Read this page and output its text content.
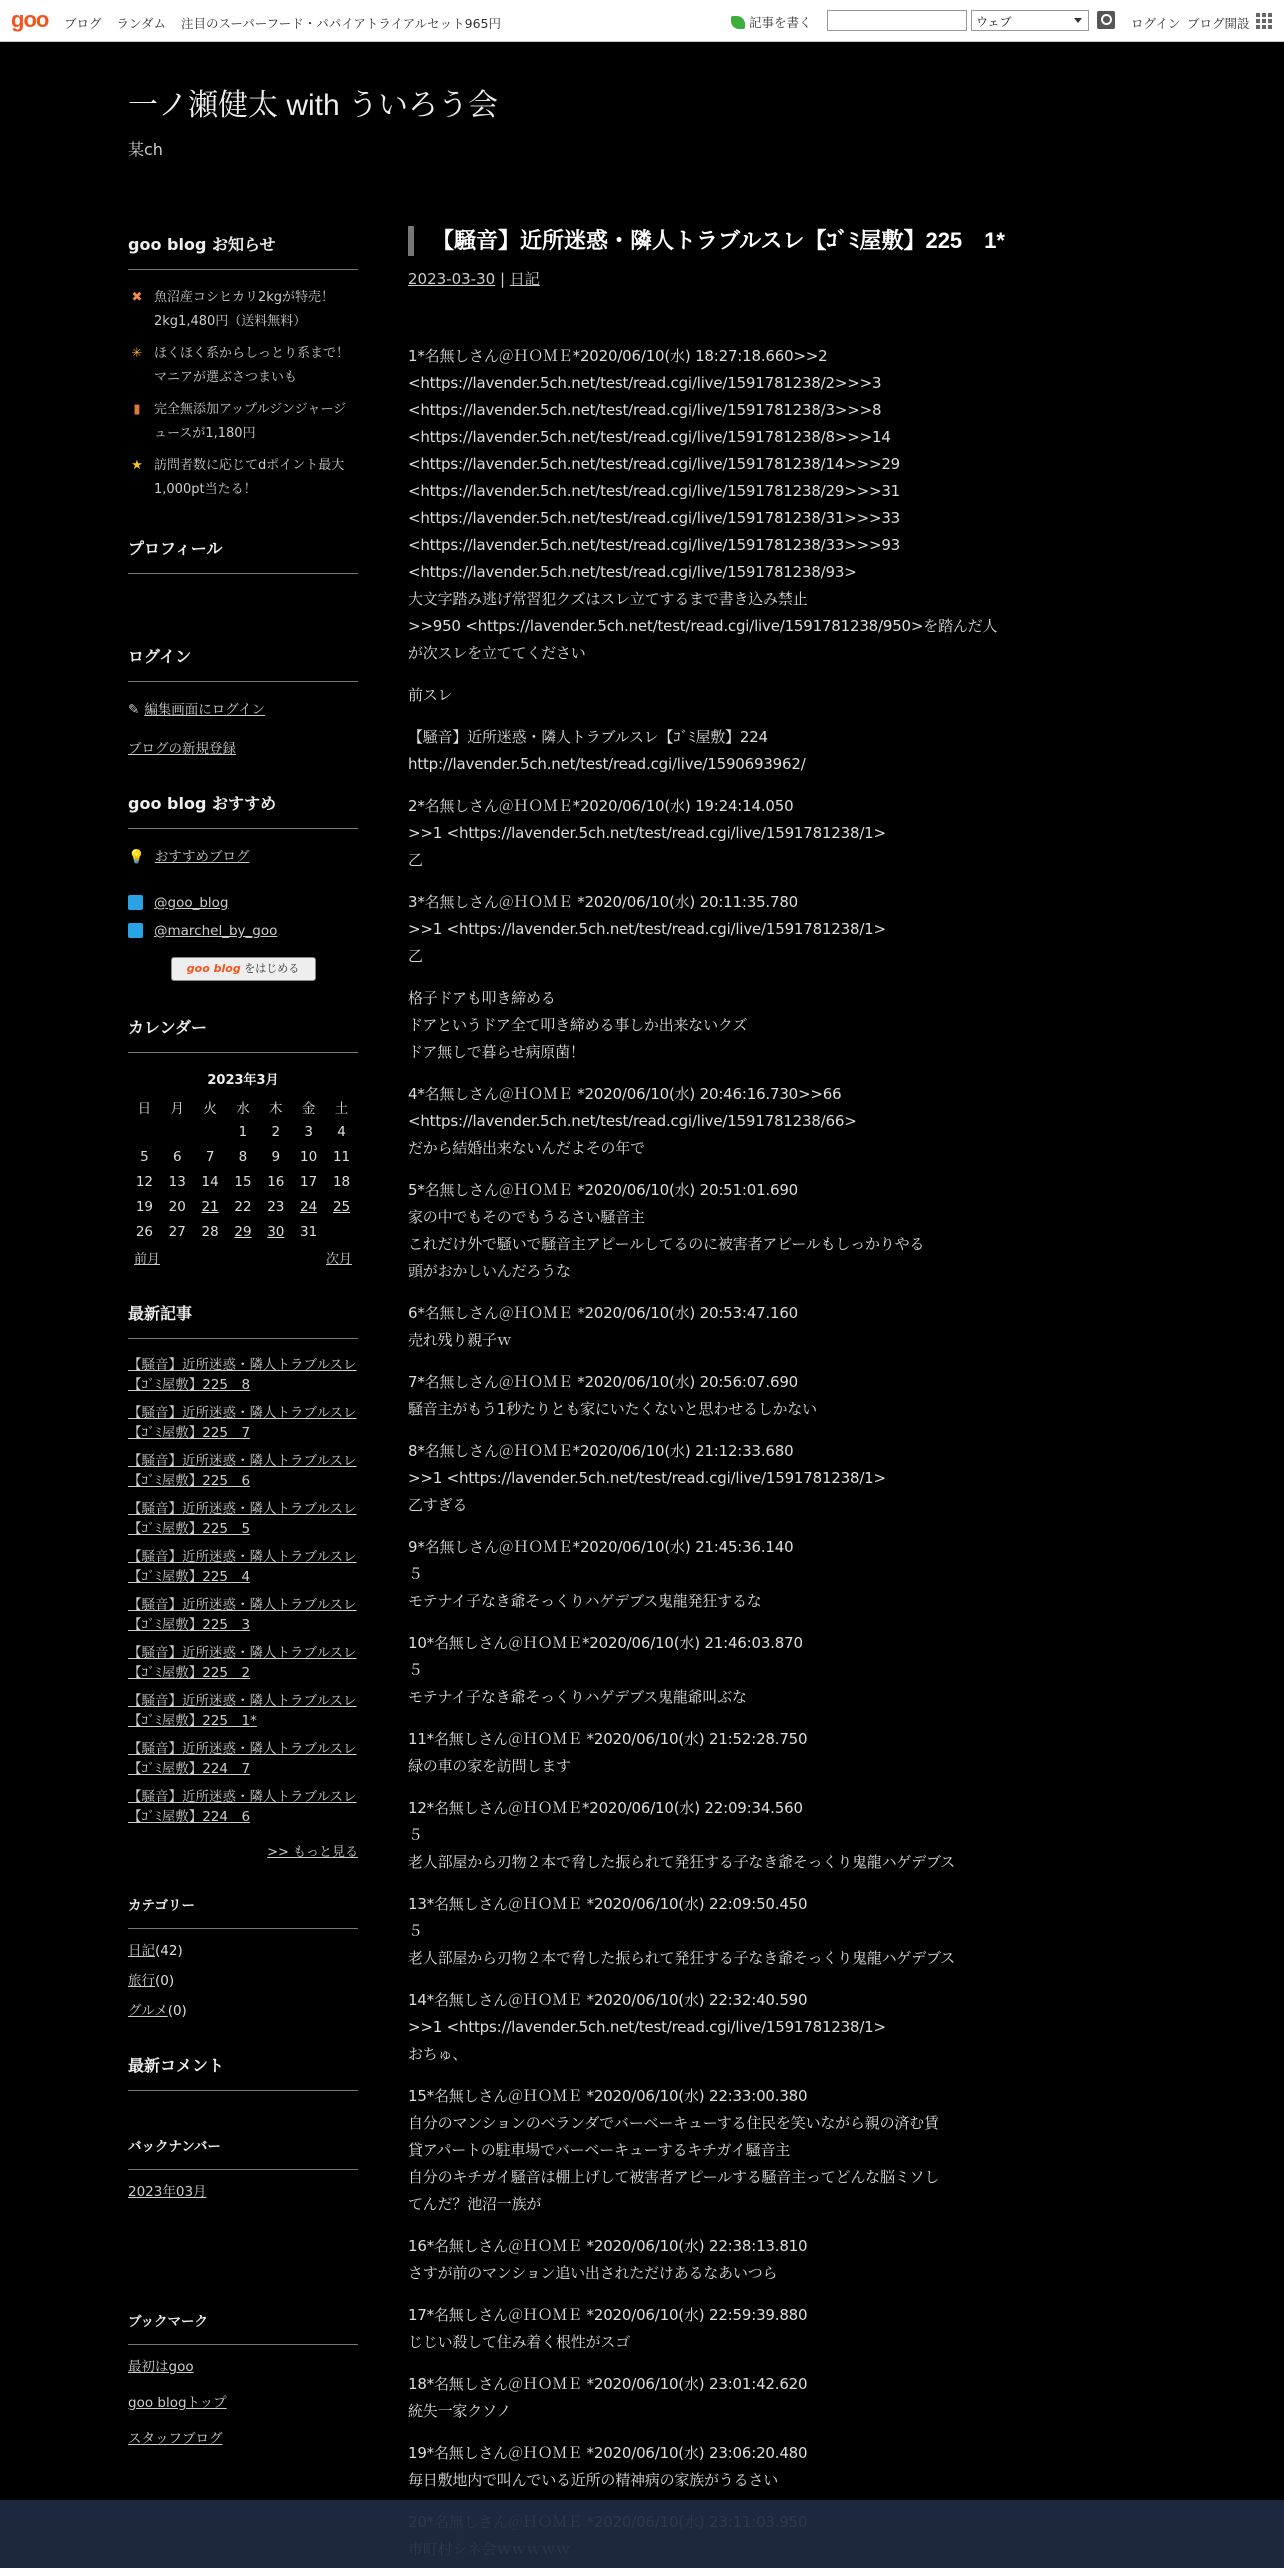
goo ブログ ランダム 注目のスーパーフード・パパイアトライアルセット965円	記事を書く	ウェブ	ログイン ブログ開設
一ノ瀬健太 with ういろう会
某ch
goo blog お知らせ
✖ 魚沼産コシヒカリ2kgが特売！2kg1,480円（送料無料）
✳ ほくほく系からしっとり系まで！マニアが選ぶさつまいも
▮ 完全無添加アップルジンジャージュースが1,180円
★ 訪問者数に応じてdポイント最大1,000pt当たる！
プロフィール
ログイン
✎ 編集画面にログイン
ブログの新規登録
goo blog おすすめ
💡 おすすめブログ
@goo_blog
@marchel_by_goo
goo blog をはじめる
カレンダー
2023年3月
日	月	火	水	木	金	土
			1	2	3	4
5	6	7	8	9	10	11
12	13	14	15	16	17	18
19	20	21	22	23	24	25
26	27	28	29	30	31	
前月	次月
最新記事
【騒音】近所迷惑・隣人トラブルスレ【ｺﾞﾐ屋敷】225　8
【騒音】近所迷惑・隣人トラブルスレ【ｺﾞﾐ屋敷】225　7
【騒音】近所迷惑・隣人トラブルスレ【ｺﾞﾐ屋敷】225　6
【騒音】近所迷惑・隣人トラブルスレ【ｺﾞﾐ屋敷】225　5
【騒音】近所迷惑・隣人トラブルスレ【ｺﾞﾐ屋敷】225　4
【騒音】近所迷惑・隣人トラブルスレ【ｺﾞﾐ屋敷】225　3
【騒音】近所迷惑・隣人トラブルスレ【ｺﾞﾐ屋敷】225　2
【騒音】近所迷惑・隣人トラブルスレ【ｺﾞﾐ屋敷】225　1*
【騒音】近所迷惑・隣人トラブルスレ【ｺﾞﾐ屋敷】224　7
【騒音】近所迷惑・隣人トラブルスレ【ｺﾞﾐ屋敷】224　6
>> もっと見る
カテゴリー
日記(42)
旅行(0)
グルメ(0)
最新コメント
バックナンバー
2023年03月
ブックマーク
最初はgoo
goo blogトップ
スタッフブログ
【騒音】近所迷惑・隣人トラブルスレ【ｺﾞﾐ屋敷】225　1*
2023-03-30 | 日記

1*名無しさん＠ＨＯＭＥ*2020/06/10(水) 18:27:18.660>>2
<https://lavender.5ch.net/test/read.cgi/live/1591781238/2>>>3
<https://lavender.5ch.net/test/read.cgi/live/1591781238/3>>>8
<https://lavender.5ch.net/test/read.cgi/live/1591781238/8>>>14
<https://lavender.5ch.net/test/read.cgi/live/1591781238/14>>>29
<https://lavender.5ch.net/test/read.cgi/live/1591781238/29>>>31
<https://lavender.5ch.net/test/read.cgi/live/1591781238/31>>>33
<https://lavender.5ch.net/test/read.cgi/live/1591781238/33>>>93
<https://lavender.5ch.net/test/read.cgi/live/1591781238/93>
大文字踏み逃げ常習犯クズはスレ立てするまで書き込み禁止
>>950 <https://lavender.5ch.net/test/read.cgi/live/1591781238/950>を踏んだ人
が次スレを立ててください

前スレ

【騒音】近所迷惑・隣人トラブルスレ【ｺﾞﾐ屋敷】224
http://lavender.5ch.net/test/read.cgi/live/1590693962/

2*名無しさん＠ＨＯＭＥ*2020/06/10(水) 19:24:14.050
>>1 <https://lavender.5ch.net/test/read.cgi/live/1591781238/1>
乙

3*名無しさん＠ＨＯＭＥ *2020/06/10(水) 20:11:35.780
>>1 <https://lavender.5ch.net/test/read.cgi/live/1591781238/1>
乙

格子ドアも叩き締める
ドアというドア全て叩き締める事しか出来ないクズ
ドア無しで暮らせ病原菌！

4*名無しさん＠ＨＯＭＥ *2020/06/10(水) 20:46:16.730>>66
<https://lavender.5ch.net/test/read.cgi/live/1591781238/66>
だから結婚出来ないんだよその年で

5*名無しさん＠ＨＯＭＥ *2020/06/10(水) 20:51:01.690
家の中でもそのでもうるさい騒音主
これだけ外で騒いで騒音主アピールしてるのに被害者アピールもしっかりやる
頭がおかしいんだろうな

6*名無しさん＠ＨＯＭＥ *2020/06/10(水) 20:53:47.160
売れ残り親子ｗ

7*名無しさん＠ＨＯＭＥ *2020/06/10(水) 20:56:07.690
騒音主がもう1秒たりとも家にいたくないと思わせるしかない

8*名無しさん＠ＨＯＭＥ*2020/06/10(水) 21:12:33.680
>>1 <https://lavender.5ch.net/test/read.cgi/live/1591781238/1>
乙すぎる

9*名無しさん＠ＨＯＭＥ*2020/06/10(水) 21:45:36.140
５
モテナイ子なき爺そっくりハゲデブス鬼龍発狂するな

10*名無しさん＠ＨＯＭＥ*2020/06/10(水) 21:46:03.870
５
モテナイ子なき爺そっくりハゲデブス鬼龍爺叫ぶな

11*名無しさん＠ＨＯＭＥ *2020/06/10(水) 21:52:28.750
緑の車の家を訪問します

12*名無しさん＠ＨＯＭＥ*2020/06/10(水) 22:09:34.560
５
老人部屋から刃物２本で脅した振られて発狂する子なき爺そっくり鬼龍ハゲデブス

13*名無しさん＠ＨＯＭＥ *2020/06/10(水) 22:09:50.450
５
老人部屋から刃物２本で脅した振られて発狂する子なき爺そっくり鬼龍ハゲデブス

14*名無しさん＠ＨＯＭＥ *2020/06/10(水) 22:32:40.590
>>1 <https://lavender.5ch.net/test/read.cgi/live/1591781238/1>
おちゅ、

15*名無しさん＠ＨＯＭＥ *2020/06/10(水) 22:33:00.380
自分のマンションのベランダでバーベーキューする住民を笑いながら親の済む賃
貸アパートの駐車場でバーベーキューするキチガイ騒音主
自分のキチガイ騒音は棚上げして被害者アピールする騒音主ってどんな脳ミソし
てんだ？池沼一族が

16*名無しさん＠ＨＯＭＥ *2020/06/10(水) 22:38:13.810
さすが前のマンション追い出されただけあるなあいつら

17*名無しさん＠ＨＯＭＥ *2020/06/10(水) 22:59:39.880
じじい殺して住み着く根性がスゴ

18*名無しさん＠ＨＯＭＥ *2020/06/10(水) 23:01:42.620
統失一家クソノ

19*名無しさん＠ＨＯＭＥ *2020/06/10(水) 23:06:20.480
毎日敷地内で叫んでいる近所の精神病の家族がうるさい
